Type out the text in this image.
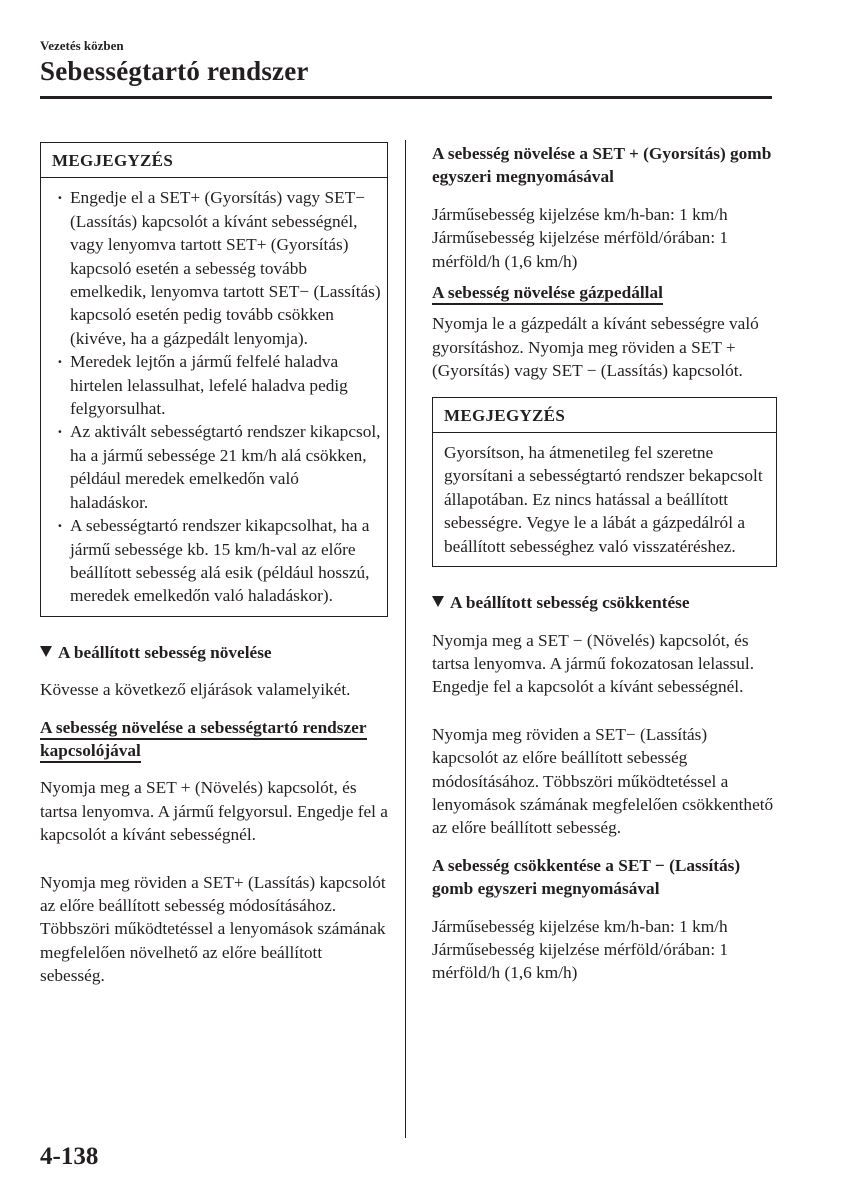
Vezetés közben
Sebességtartó rendszer
MEGJEGYZÉS
· Engedje el a SET+ (Gyorsítás) vagy SET− (Lassítás) kapcsolót a kívánt sebességnél, vagy lenyomva tartott SET+ (Gyorsítás) kapcsoló esetén a sebesség tovább emelkedik, lenyomva tartott SET− (Lassítás) kapcsoló esetén pedig tovább csökken (kivéve, ha a gázpedált lenyomja).
· Meredek lejtőn a jármű felfelé haladva hirtelen lelassulhat, lefelé haladva pedig felgyorsulhat.
· Az aktivált sebességtartó rendszer kikapcsol, ha a jármű sebessége 21 km/h alá csökken, például meredek emelkedőn való haladáskor.
· A sebességtartó rendszer kikapcsolhat, ha a jármű sebessége kb. 15 km/h-val az előre beállított sebesség alá esik (például hosszú, meredek emelkedőn való haladáskor).

A beállított sebesség növelése

Kövesse a következő eljárások valamelyikét.

A sebesség növelése a sebességtartó rendszer kapcsolójával

Nyomja meg a SET + (Növelés) kapcsolót, és tartsa lenyomva. A jármű felgyorsul. Engedje fel a kapcsolót a kívánt sebességnél.

Nyomja meg röviden a SET+ (Lassítás) kapcsolót az előre beállított sebesség módosításához. Többszöri működtetéssel a lenyomások számának megfelelően növelhető az előre beállított sebesség.

A sebesség növelése a SET + (Gyorsítás) gomb egyszeri megnyomásával

Járműsebesség kijelzése km/h-ban: 1 km/h Járműsebesség kijelzése mérföld/órában: 1 mérföld/h (1,6 km/h)

A sebesség növelése gázpedállal

Nyomja le a gázpedált a kívánt sebességre való gyorsításhoz. Nyomja meg röviden a SET + (Gyorsítás) vagy SET − (Lassítás) kapcsolót.

MEGJEGYZÉS

Gyorsítson, ha átmenetileg fel szeretne gyorsítani a sebességtartó rendszer bekapcsolt állapotában. Ez nincs hatással a beállított sebességre. Vegye le a lábát a gázpedálról a beállított sebességhez való visszatéréshez.

A beállított sebesség csökkentése

Nyomja meg a SET − (Növelés) kapcsolót, és tartsa lenyomva. A jármű fokozatosan lelassul.

Engedje fel a kapcsolót a kívánt sebességnél.

Nyomja meg röviden a SET− (Lassítás) kapcsolót az előre beállított sebesség módosításához. Többszöri működtetéssel a lenyomások számának megfelelően csökkenthető az előre beállított sebesség.

A sebesség csökkentése a SET − (Lassítás) gomb egyszeri megnyomásával

Járműsebesség kijelzése km/h-ban: 1 km/h Járműsebesség kijelzése mérföld/órában: 1 mérföld/h (1,6 km/h)

4-138
